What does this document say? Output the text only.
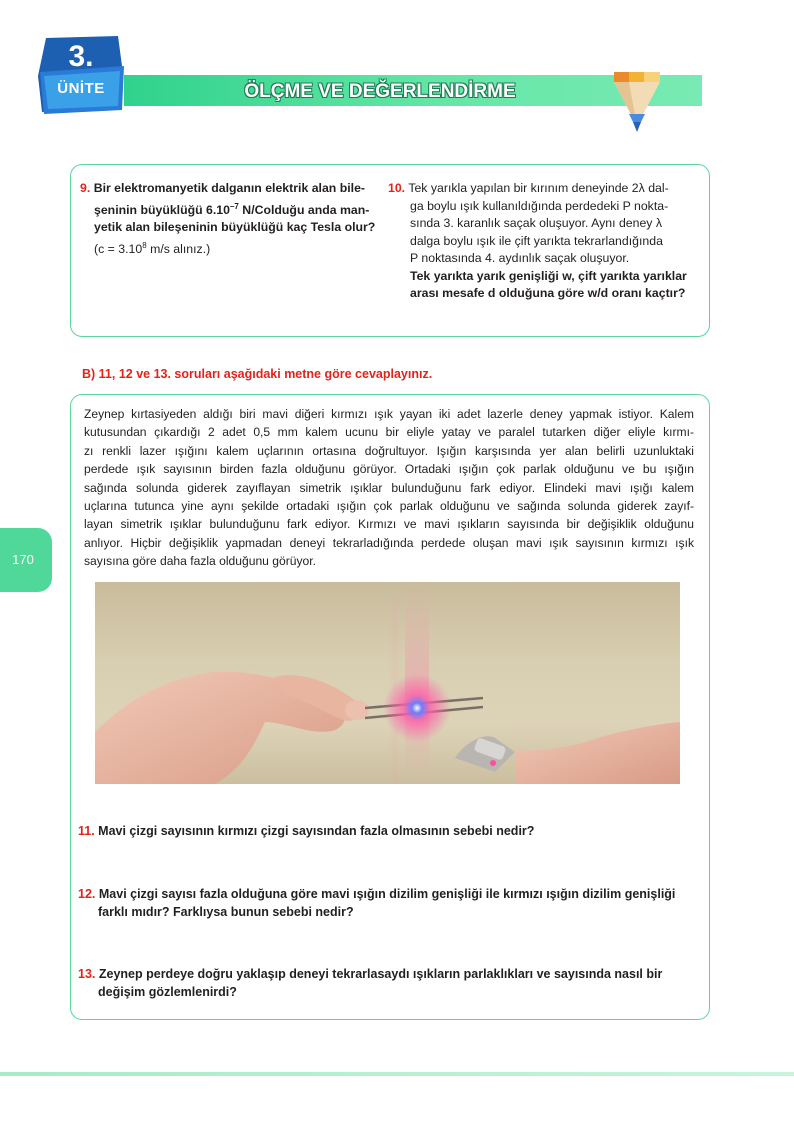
3.
ÜNİTE	ÖLÇME VE DEĞERLENDİRME
9. Bir elektromanyetik dalganın elektrik alan bile-
şeninin büyüklüğü $6.10^{-7}$ N/Colduğu anda man-
yetik alan bileşeninin büyüklüğü kaç Tesla olur?
($c = 3.10^8$ m/s alınız.)
10. Tek yarıkla yapılan bir kırınım deneyinde 2λ dal-
ga boylu ışık kullanıldığında perdedeki P nokta-
sında 3. karanlık saçak oluşuyor. Aynı deney λ
dalga boylu ışık ile çift yarıkta tekrarlandığında
P noktasında 4. aydınlık saçak oluşuyor.
Tek yarıkta yarık genişliği w, çift yarıkta yarıklar
arası mesafe d olduğuna göre w/d oranı kaçtır?
B) 11, 12 ve 13. soruları aşağıdaki metne göre cevaplayınız.
Zeynep kırtasiyeden aldığı biri mavi diğeri kırmızı ışık yayan iki adet lazerle deney yapmak istiyor. Kalem
kutusundan çıkardığı 2 adet 0,5 mm kalem ucunu bir eliyle yatay ve paralel tutarken diğer eliyle kırmı-
zı renkli lazer ışığını kalem uçlarının ortasına doğrultuyor. Işığın karşısında yer alan belirli uzunluktaki
perdede ışık sayısının birden fazla olduğunu görüyor. Ortadaki ışığın çok parlak olduğunu ve bu ışığın
sağında solunda giderek zayıflayan simetrik ışıklar bulunduğunu fark ediyor. Elindeki mavi ışığı kalem
uçlarına tutunca yine aynı şekilde ortadaki ışığın çok parlak olduğunu ve sağında solunda giderek zayıf-
layan simetrik ışıklar bulunduğunu fark ediyor. Kırmızı ve mavi ışıkların sayısında bir değişiklik olduğunu
anlıyor. Hiçbir değişiklik yapmadan deneyi tekrarladığında perdede oluşan mavi ışık sayısının kırmızı ışık
sayısına göre daha fazla olduğunu görüyor.
170
11. Mavi çizgi sayısının kırmızı çizgi sayısından fazla olmasının sebebi nedir?
12. Mavi çizgi sayısı fazla olduğuna göre mavi ışığın dizilim genişliği ile kırmızı ışığın dizilim genişliği
farklı mıdır? Farklıysa bunun sebebi nedir?
13. Zeynep perdeye doğru yaklaşıp deneyi tekrarlasaydı ışıkların parlaklıkları ve sayısında nasıl bir
değişim gözlemlenirdi?
